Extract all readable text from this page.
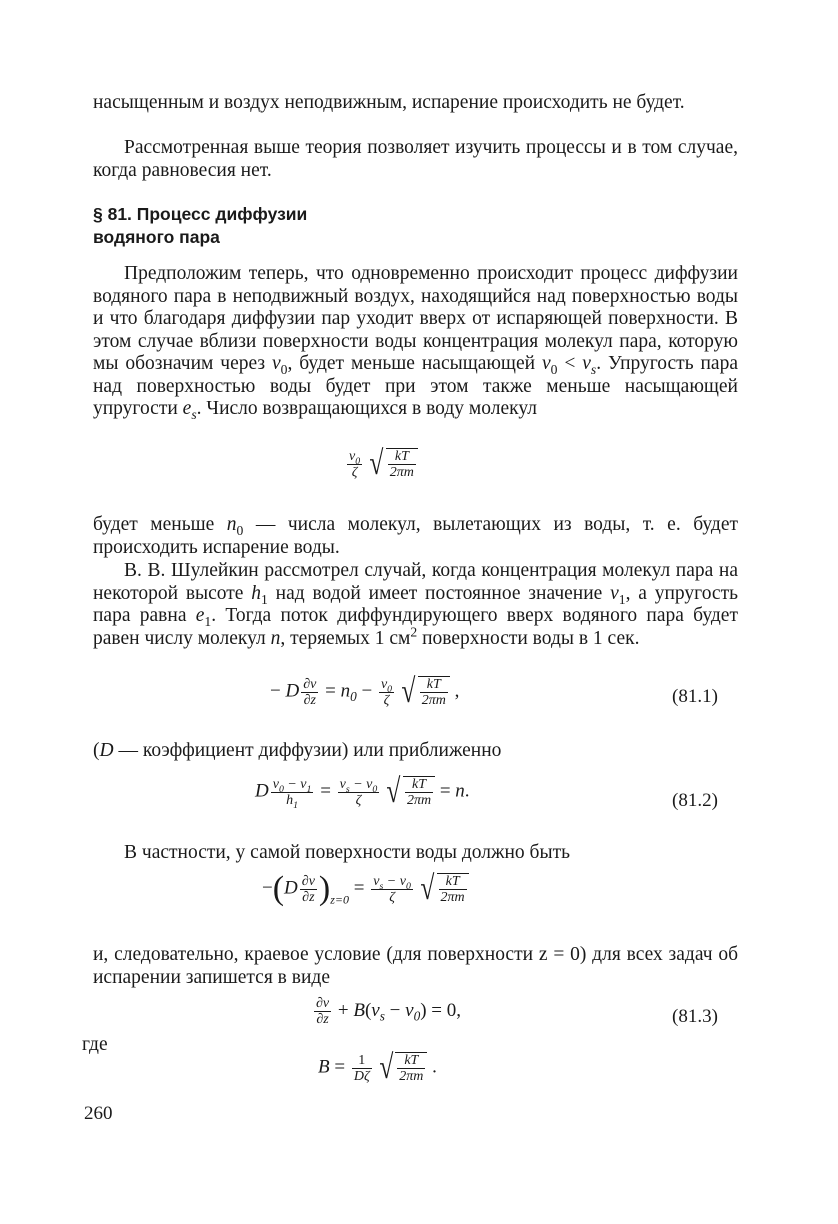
насыщенным и воздух неподвижным, испарение происходить не будет.

Рассмотренная выше теория позволяет изучить процессы и в том случае, когда равновесия нет.

§ 81. Процесс диффузии
водяного пара

Предположим теперь, что одновременно происходит процесс диффузии водяного пара в неподвижный воздух, находящийся над поверхностью воды и что благодаря диффузии пар уходит вверх от испаряющей поверхности. В этом случае вблизи поверхности воды концентрация молекул пара, которую мы обозначим через $\nu_0$, будет меньше насыщающей $\nu_0 < \nu_s$. Упругость пара над поверхностью воды будет при этом также меньше насыщающей упругости $e_s$. Число возвращающихся в воду молекул

$\frac{\nu_0}{\zeta}$ √ $\frac{kT}{2\pi m}$

будет меньше $n_0$ — числа молекул, вылетающих из воды, т. е. будет происходить испарение воды.

В. В. Шулейкин рассмотрел случай, когда концентрация молекул пара на некоторой высоте $h_1$ над водой имеет постоянное значение $\nu_1$, а упругость пара равна $e_1$. Тогда поток диффундирующего вверх водяного пара будет равен числу молекул n, теряемых 1 $см^2$ поверхности воды в 1 сек.

− D $\frac{\partial\nu}{\partial z} = n_0 - \frac{\nu_0}{\zeta}$ √ $\frac{kT}{2\pi m}$ ,	(81.1)

(D — коэффициент диффузии) или приближенно

D $\frac{\nu_0 - \nu_1}{h_1} = \frac{\nu_s - \nu_0}{\zeta}$ √ $\frac{kT}{2\pi m} = n$.	(81.2)

В частности, у самой поверхности воды должно быть

$-(D \frac{\partial\nu}{\partial z} )_{z=0} = \frac{\nu_s - \nu_0}{\zeta}$ √ $\frac{kT}{2\pi m}$

и, следовательно, краевое условие (для поверхности z = 0) для всех задач об испарении запишется в виде

$\frac{\partial\nu}{\partial z} + B(\nu_s - \nu_0) = 0$,	(81.3)
где
$B = \frac{1}{D\zeta}$ √ $\frac{kT}{2\pi m}$ .
260
